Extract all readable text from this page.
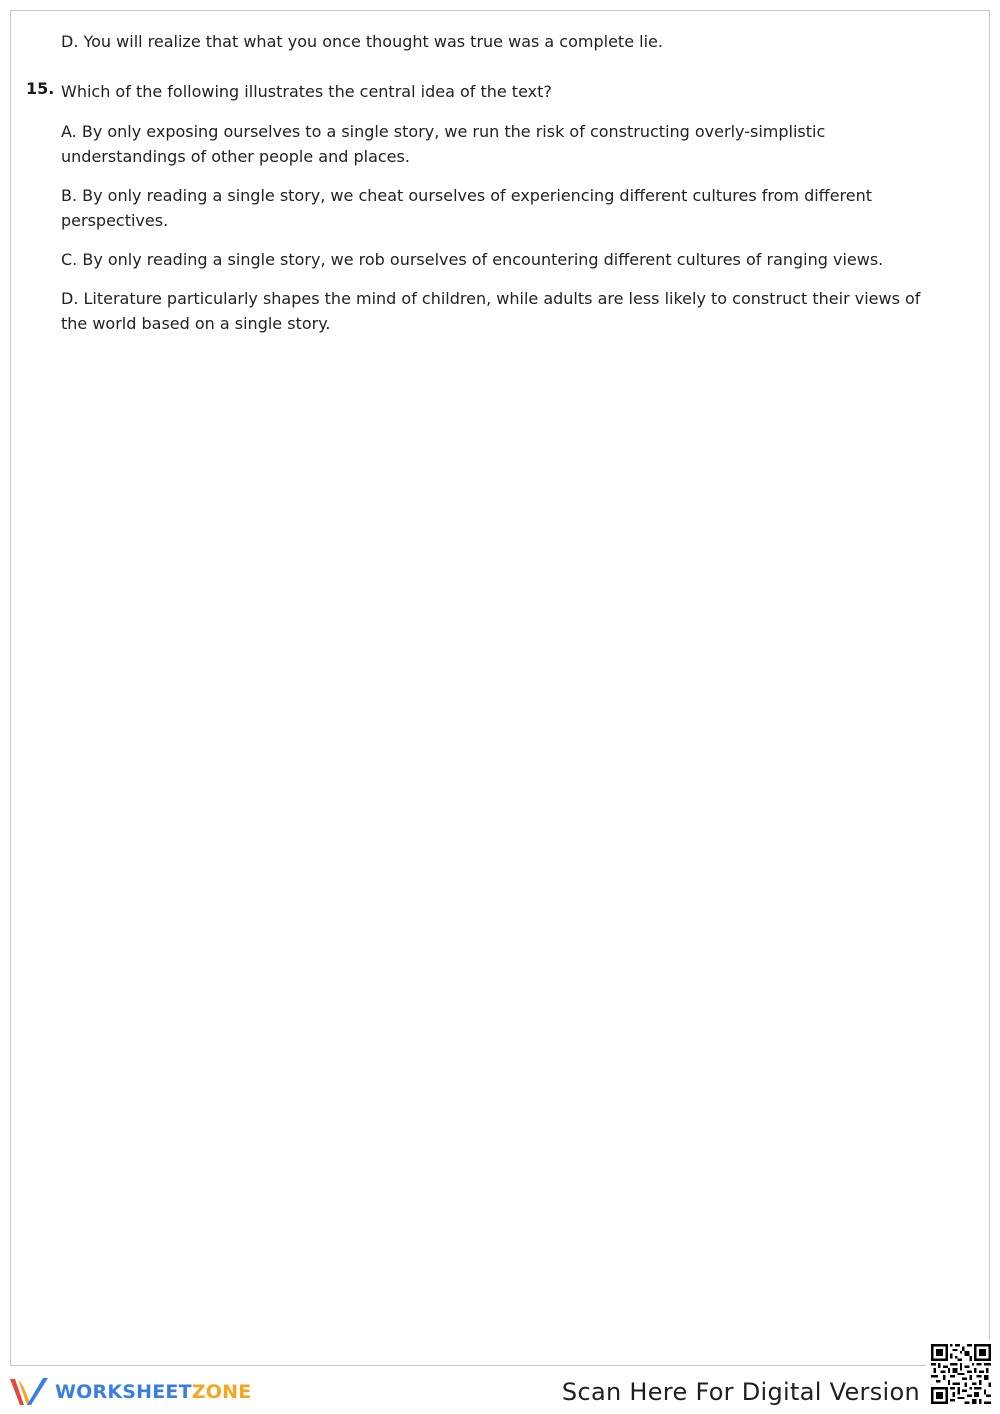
D. You will realize that what you once thought was true was a complete lie.
15. Which of the following illustrates the central idea of the text?
A. By only exposing ourselves to a single story, we run the risk of constructing overly-simplistic understandings of other people and places.
B. By only reading a single story, we cheat ourselves of experiencing different cultures from different perspectives.
C. By only reading a single story, we rob ourselves of encountering different cultures of ranging views.
D. Literature particularly shapes the mind of children, while adults are less likely to construct their views of the world based on a single story.
WORKSHEETZONE	Scan Here For Digital Version
